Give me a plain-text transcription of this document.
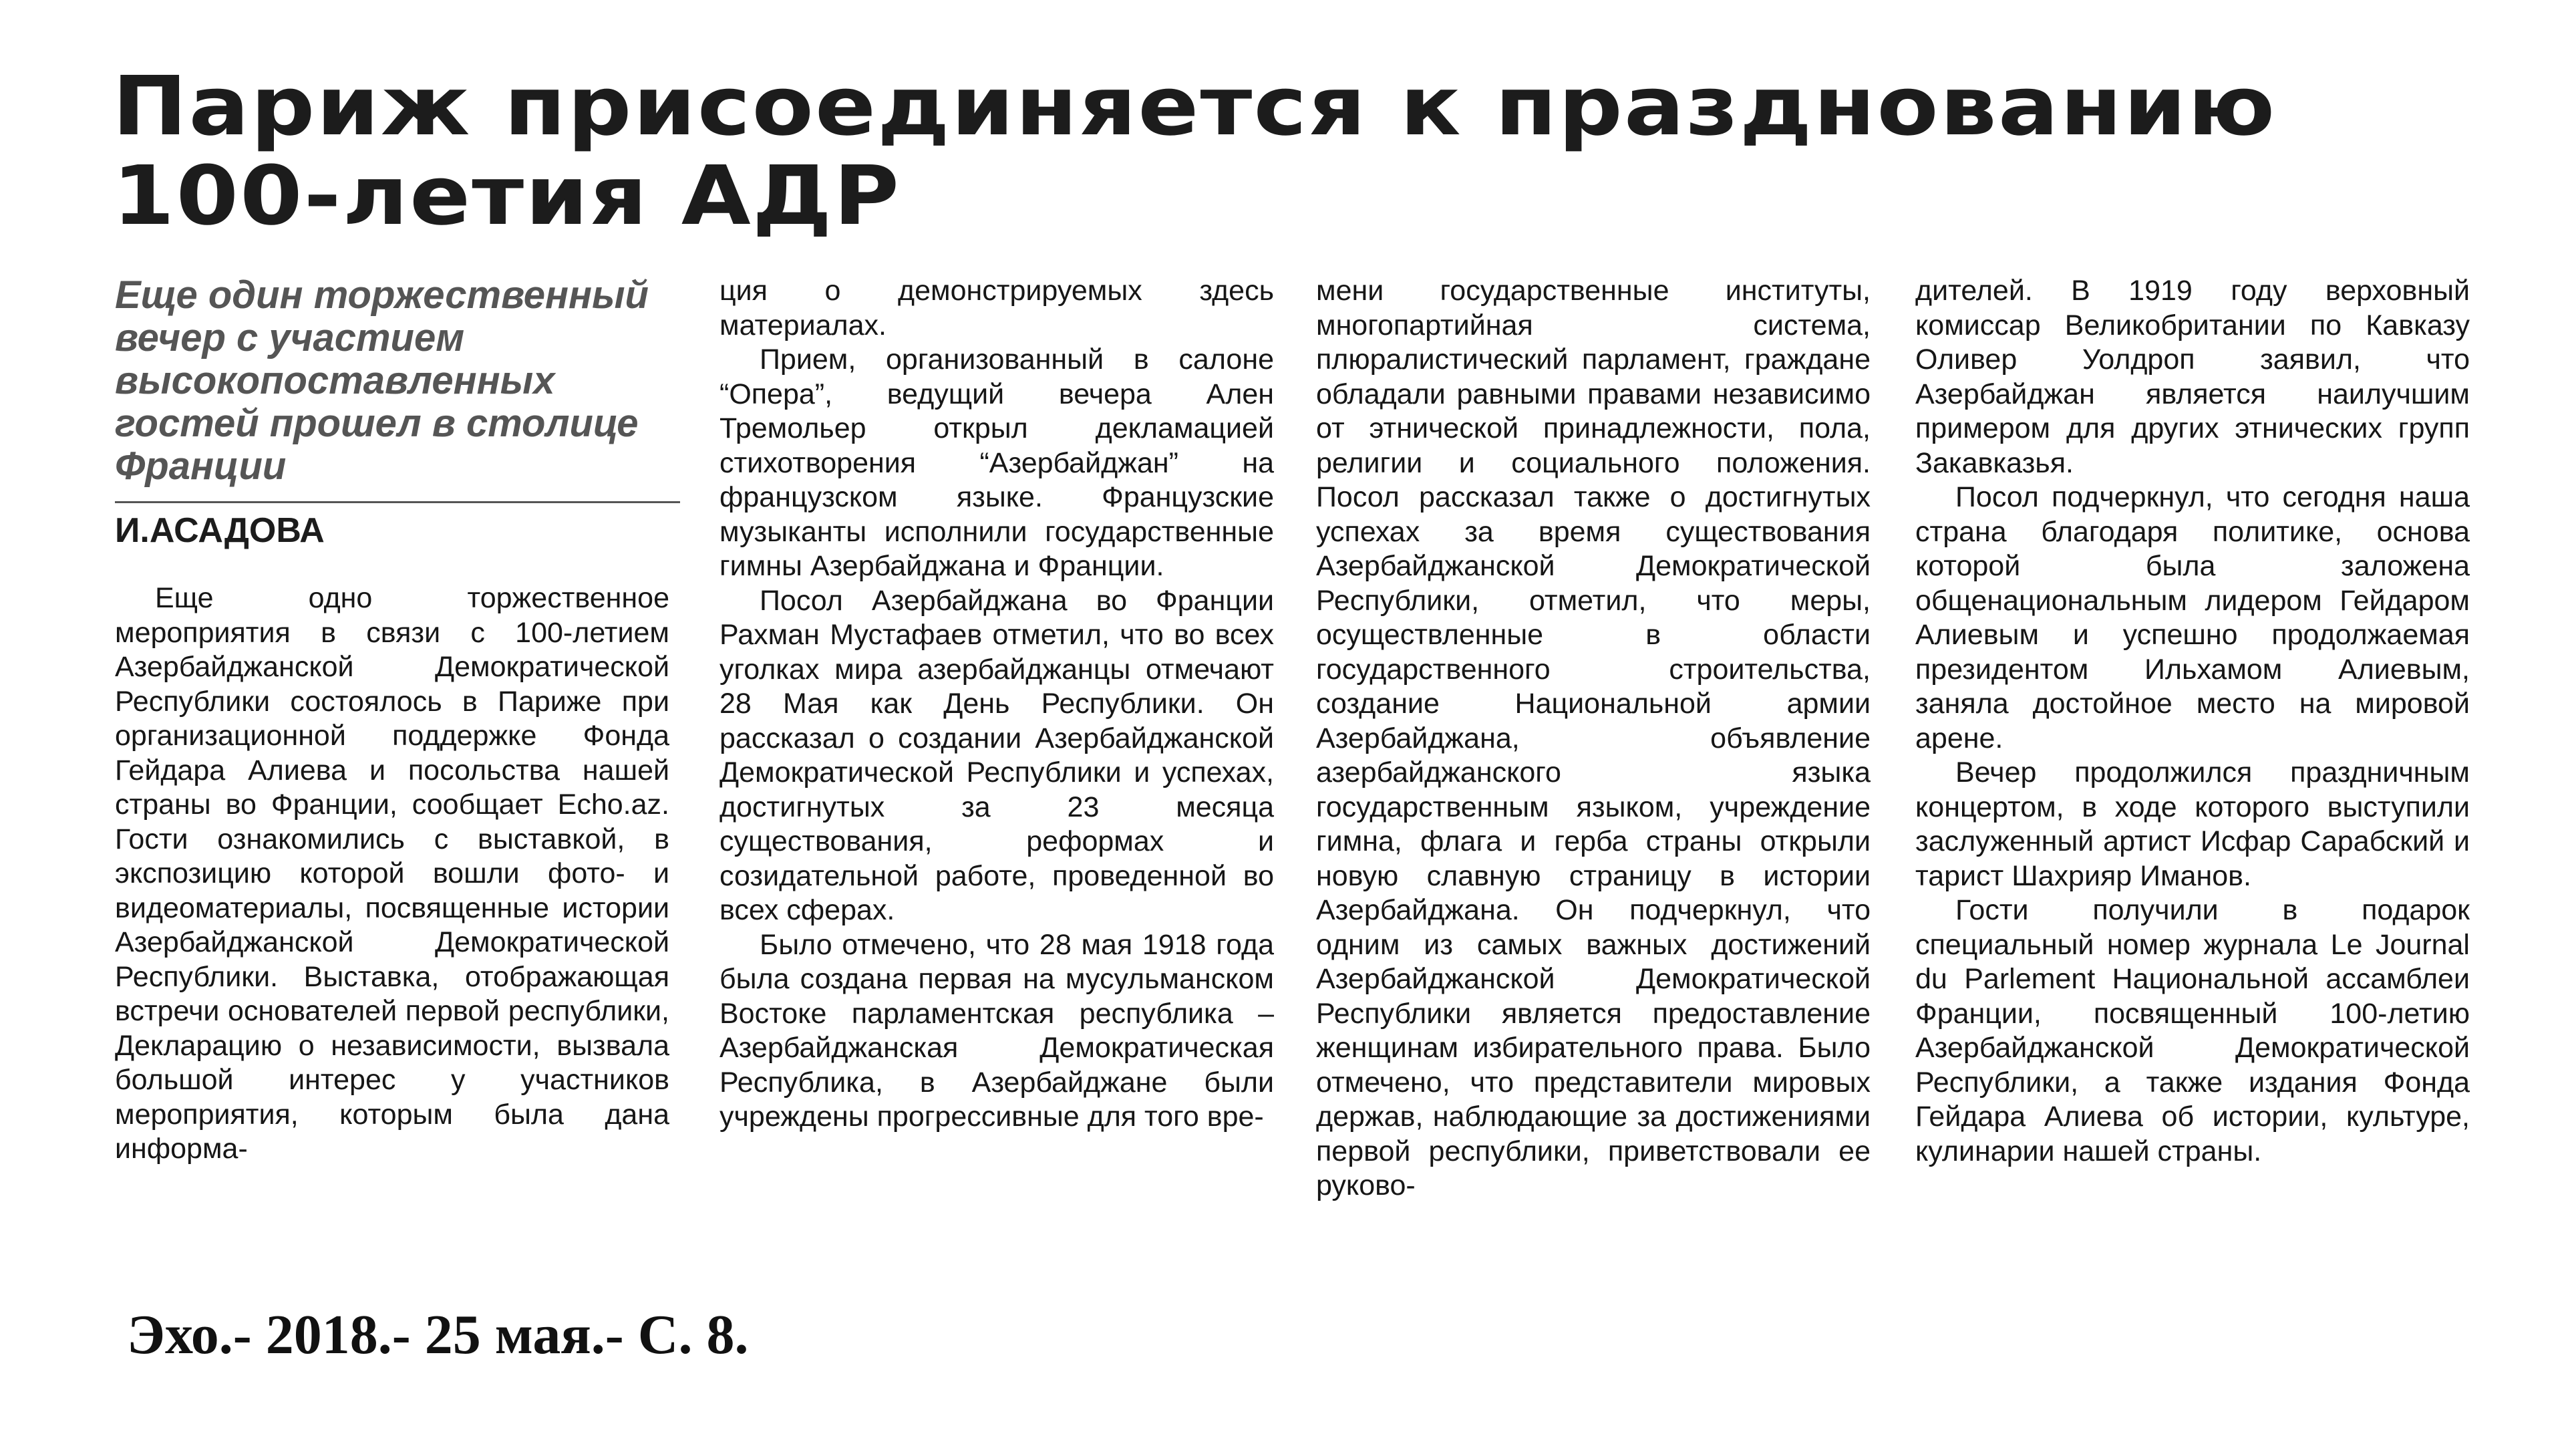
Париж присоединяется к празднованию
100-летия АДР

Еще один торжественный вечер с участием высокопоставленных гостей прошел в столице Франции

И.АСАДОВА

Еще одно торжественное мероприятия в связи с 100-летием Азербайджанской Демократической Республики состоялось в Париже при организационной поддержке Фонда Гейдара Алиева и посольства нашей страны во Франции, сообщает Echo.az. Гости ознакомились с выставкой, в экспозицию которой вошли фото- и видеоматериалы, посвященные истории Азербайджанской Демократической Республики. Выставка, отображающая встречи основателей первой республики, Декларацию о независимости, вызвала большой интерес у участников мероприятия, которым была дана информа-

ция о демонстрируемых здесь материалах.

Прием, организованный в салоне “Опера”, ведущий вечера Ален Тремольер открыл декламацией стихотворения “Азербайджан” на французском языке. Французские музыканты исполнили государственные гимны Азербайджана и Франции.

Посол Азербайджана во Франции Рахман Мустафаев отметил, что во всех уголках мира азербайджанцы отмечают 28 Мая как День Республики. Он рассказал о создании Азербайджанской Демократической Республики и успехах, достигнутых за 23 месяца существования, реформах и созидательной работе, проведенной во всех сферах.

Было отмечено, что 28 мая 1918 года была создана первая на мусульманском Востоке парламентская республика – Азербайджанская Демократическая Республика, в Азербайджане были учреждены прогрессивные для того вре-

мени государственные институты, многопартийная система, плюралистический парламент, граждане обладали равными правами независимо от этнической принадлежности, пола, религии и социального положения. Посол рассказал также о достигнутых успехах за время существования Азербайджанской Демократической Республики, отметил, что меры, осуществленные в области государственного строительства, создание Национальной армии Азербайджана, объявление азербайджанского языка государственным языком, учреждение гимна, флага и герба страны открыли новую славную страницу в истории Азербайджана. Он подчеркнул, что одним из самых важных достижений Азербайджанской Демократической Республики является предоставление женщинам избирательного права. Было отмечено, что представители мировых держав, наблюдающие за достижениями первой республики, приветствовали ее руково-

дителей. В 1919 году верховный комиссар Великобритании по Кавказу Оливер Уолдроп заявил, что Азербайджан является наилучшим примером для других этнических групп Закавказья.

Посол подчеркнул, что сегодня наша страна благодаря политике, основа которой была заложена общенациональным лидером Гейдаром Алиевым и успешно продолжаемая президентом Ильхамом Алиевым, заняла достойное место на мировой арене.

Вечер продолжился праздничным концертом, в ходе которого выступили заслуженный артист Исфар Сарабский и тарист Шахрияр Иманов.

Гости получили в подарок специальный номер журнала Le Journal du Parlement Национальной ассамблеи Франции, посвященный 100-летию Азербайджанской Демократической Республики, а также издания Фонда Гейдара Алиева об истории, культуре, кулинарии нашей страны.

Эхо.- 2018.- 25 мая.- С. 8.
